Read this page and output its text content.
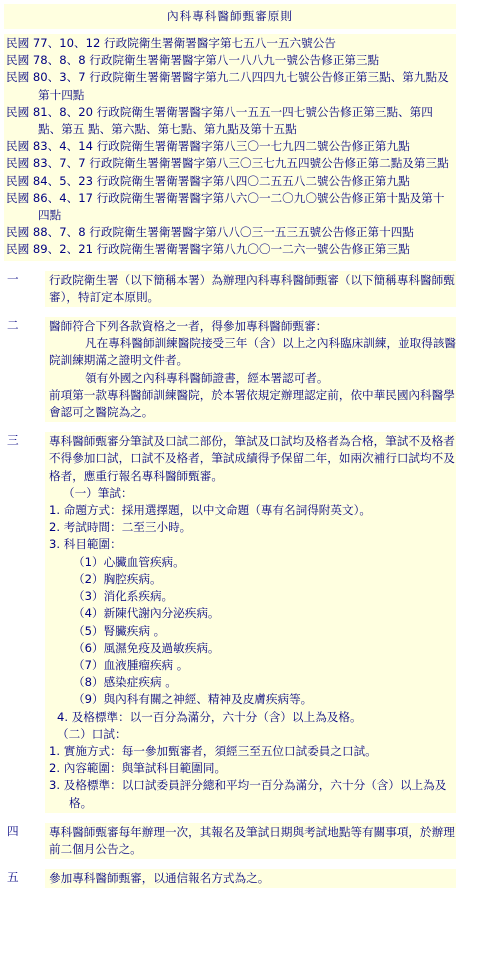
內科專科醫師甄審原則
民國 77、10、12 行政院衛生署衛署醫字第七五八一五六號公告
民國 78、8、8 行政院衛生署衛署醫字第八一八八九一號公告修正第三點
民國 80、3、7 行政院衛生署衛署醫字第九二八四四九七號公告修正第三點、第九點及第十四點
民國 81、8、20 行政院衛生署衛署醫字第八一五五一四七號公告修正第三點、第四點、第五 點、第六點、第七點、第九點及第十五點
民國 83、4、14 行政院衛生署衛署醫字第八三〇一七九四二號公告修正第九點
民國 83、7、7 行政院衛生署衛署醫字第八三〇三七九五四號公告修正第二點及第三點
民國 84、5、23 行政院衛生署衛署醫字第八四〇二五五八二號公告修正第九點
民國 86、4、17 行政院衛生署衛署醫字第八六〇一二〇九〇號公告修正第十點及第十四點
民國 88、7、8 行政院衛生署衛署醫字第八八〇三一五三五號公告修正第十四點
民國 89、2、21 行政院衛生署衛署醫字第八九〇〇一二六一號公告修正第三點
一	行政院衛生署（以下簡稱本署）為辦理內科專科醫師甄審（以下簡稱專科醫師甄審），特訂定本原則。
二	醫師符合下列各款資格之一者，得參加專科醫師甄審：
凡在專科醫師訓練醫院接受三年（含）以上之內科臨床訓練，並取得該醫院訓練期滿之證明文件者。
領有外國之內科專科醫師證書，經本署認可者。
前項第一款專科醫師訓練醫院，於本署依規定辦理認定前，依中華民國內科醫學會認可之醫院為之。
三	專科醫師甄審分筆試及口試二部份，筆試及口試均及格者為合格，筆試不及格者不得參加口試，口試不及格者，筆試成績得予保留二年，如兩次補行口試均不及格者，應重行報名專科醫師甄審。
（一）筆試：
1. 命題方式：採用選擇題，以中文命題（專有名詞得附英文）。
2. 考試時間：二至三小時。
3. 科目範圍：
（1）心臟血管疾病。
（2）胸腔疾病。
（3）消化系疾病。
（4）新陳代謝內分泌疾病。
（5）腎臟疾病 。
（6）風濕免疫及過敏疾病。
（7）血液腫瘤疾病 。
（8）感染症疾病 。
（9）與內科有關之神經、精神及皮膚疾病等。
4. 及格標準：以一百分為滿分，六十分（含）以上為及格。
（二）口試：
1. 實施方式：每一參加甄審者，須經三至五位口試委員之口試。
2. 內容範圍：與筆試科目範圍同。
3. 及格標準：以口試委員評分總和平均一百分為滿分，六十分（含）以上為及格。
四	專科醫師甄審每年辦理一次，其報名及筆試日期與考試地點等有關事項，於辦理前二個月公告之。
五	參加專科醫師甄審，以通信報名方式為之。
